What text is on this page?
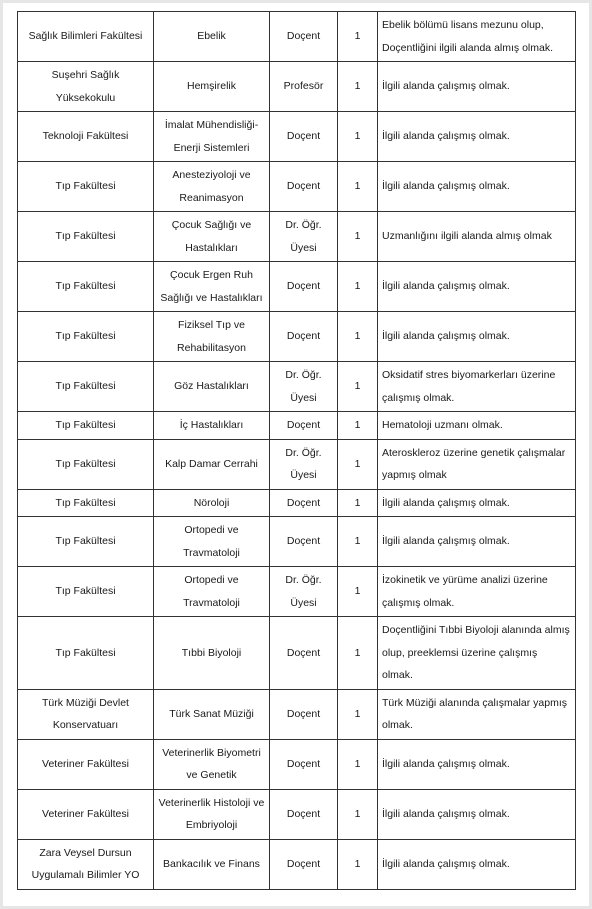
Sağlık Bilimleri Fakültesi	Ebelik	Doçent	1	Ebelik bölümü lisans mezunu olup, Doçentliğini ilgili alanda almış olmak.
Suşehri Sağlık Yüksekokulu	Hemşirelik	Profesör	1	İlgili alanda çalışmış olmak.
Teknoloji Fakültesi	İmalat Mühendisliği-Enerji Sistemleri	Doçent	1	İlgili alanda çalışmış olmak.
Tıp Fakültesi	Anesteziyoloji ve Reanimasyon	Doçent	1	İlgili alanda çalışmış olmak.
Tıp Fakültesi	Çocuk Sağlığı ve Hastalıkları	Dr. Öğr. Üyesi	1	Uzmanlığını ilgili alanda almış olmak
Tıp Fakültesi	Çocuk Ergen Ruh Sağlığı ve Hastalıkları	Doçent	1	İlgili alanda çalışmış olmak.
Tıp Fakültesi	Fiziksel Tıp ve Rehabilitasyon	Doçent	1	İlgili alanda çalışmış olmak.
Tıp Fakültesi	Göz Hastalıkları	Dr. Öğr. Üyesi	1	Oksidatif stres biyomarkerları üzerine çalışmış olmak.
Tıp Fakültesi	İç Hastalıkları	Doçent	1	Hematoloji uzmanı olmak.
Tıp Fakültesi	Kalp Damar Cerrahi	Dr. Öğr. Üyesi	1	Ateroskleroz üzerine genetik çalışmalar yapmış olmak
Tıp Fakültesi	Nöroloji	Doçent	1	İlgili alanda çalışmış olmak.
Tıp Fakültesi	Ortopedi ve Travmatoloji	Doçent	1	İlgili alanda çalışmış olmak.
Tıp Fakültesi	Ortopedi ve Travmatoloji	Dr. Öğr. Üyesi	1	İzokinetik ve yürüme analizi üzerine çalışmış olmak.
Tıp Fakültesi	Tıbbi Biyoloji	Doçent	1	Doçentliğini Tıbbi Biyoloji alanında almış olup, preeklemsi üzerine çalışmış olmak.
Türk Müziği Devlet Konservatuarı	Türk Sanat Müziği	Doçent	1	Türk Müziği alanında çalışmalar yapmış olmak.
Veteriner Fakültesi	Veterinerlik Biyometri ve Genetik	Doçent	1	İlgili alanda çalışmış olmak.
Veteriner Fakültesi	Veterinerlik Histoloji ve Embriyoloji	Doçent	1	İlgili alanda çalışmış olmak.
Zara Veysel Dursun Uygulamalı Bilimler YO	Bankacılık ve Finans	Doçent	1	İlgili alanda çalışmış olmak.
